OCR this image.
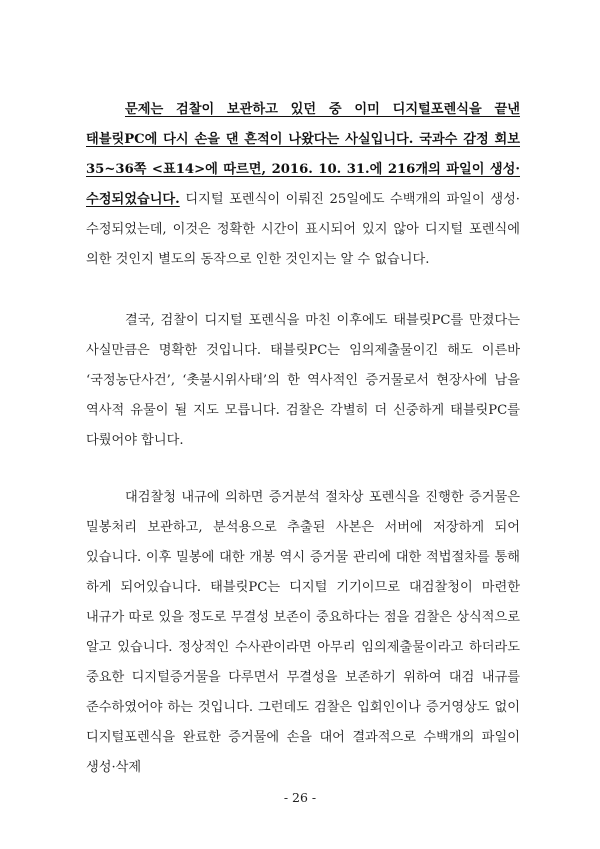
문제는 검찰이 보관하고 있던 중 이미 디지털포렌식을 끝낸 태블릿PC에 다시 손을 댄 흔적이 나왔다는 사실입니다. 국과수 감정 회보 35~36쪽 <표14>에 따르면, 2016. 10. 31.에 216개의 파일이 생성·수정되었습니다. 디지털 포렌식이 이뤄진 25일에도 수백개의 파일이 생성·수정되었는데, 이것은 정확한 시간이 표시되어 있지 않아 디지털 포렌식에 의한 것인지 별도의 동작으로 인한 것인지는 알 수 없습니다.

결국, 검찰이 디지털 포렌식을 마친 이후에도 태블릿PC를 만졌다는 사실만큼은 명확한 것입니다. 태블릿PC는 임의제출물이긴 해도 이른바 ‘국정농단사건’, ‘촛불시위사태’의 한 역사적인 증거물로서 현장사에 남을 역사적 유물이 될 지도 모릅니다. 검찰은 각별히 더 신중하게 태블릿PC를 다뤘어야 합니다.

대검찰청 내규에 의하면 증거분석 절차상 포렌식을 진행한 증거물은 밀봉처리 보관하고, 분석용으로 추출된 사본은 서버에 저장하게 되어 있습니다. 이후 밀봉에 대한 개봉 역시 증거물 관리에 대한 적법절차를 통해 하게 되어있습니다. 태블릿PC는 디지털 기기이므로 대검찰청이 마련한 내규가 따로 있을 정도로 무결성 보존이 중요하다는 점을 검찰은 상식적으로 알고 있습니다. 정상적인 수사관이라면 아무리 임의제출물이라고 하더라도 중요한 디지털증거물을 다루면서 무결성을 보존하기 위하여 대검 내규를 준수하였어야 하는 것입니다. 그런데도 검찰은 입회인이나 증거영상도 없이 디지털포렌식을 완료한 증거물에 손을 대어 결과적으로 수백개의 파일이 생성·삭제

- 26 -
